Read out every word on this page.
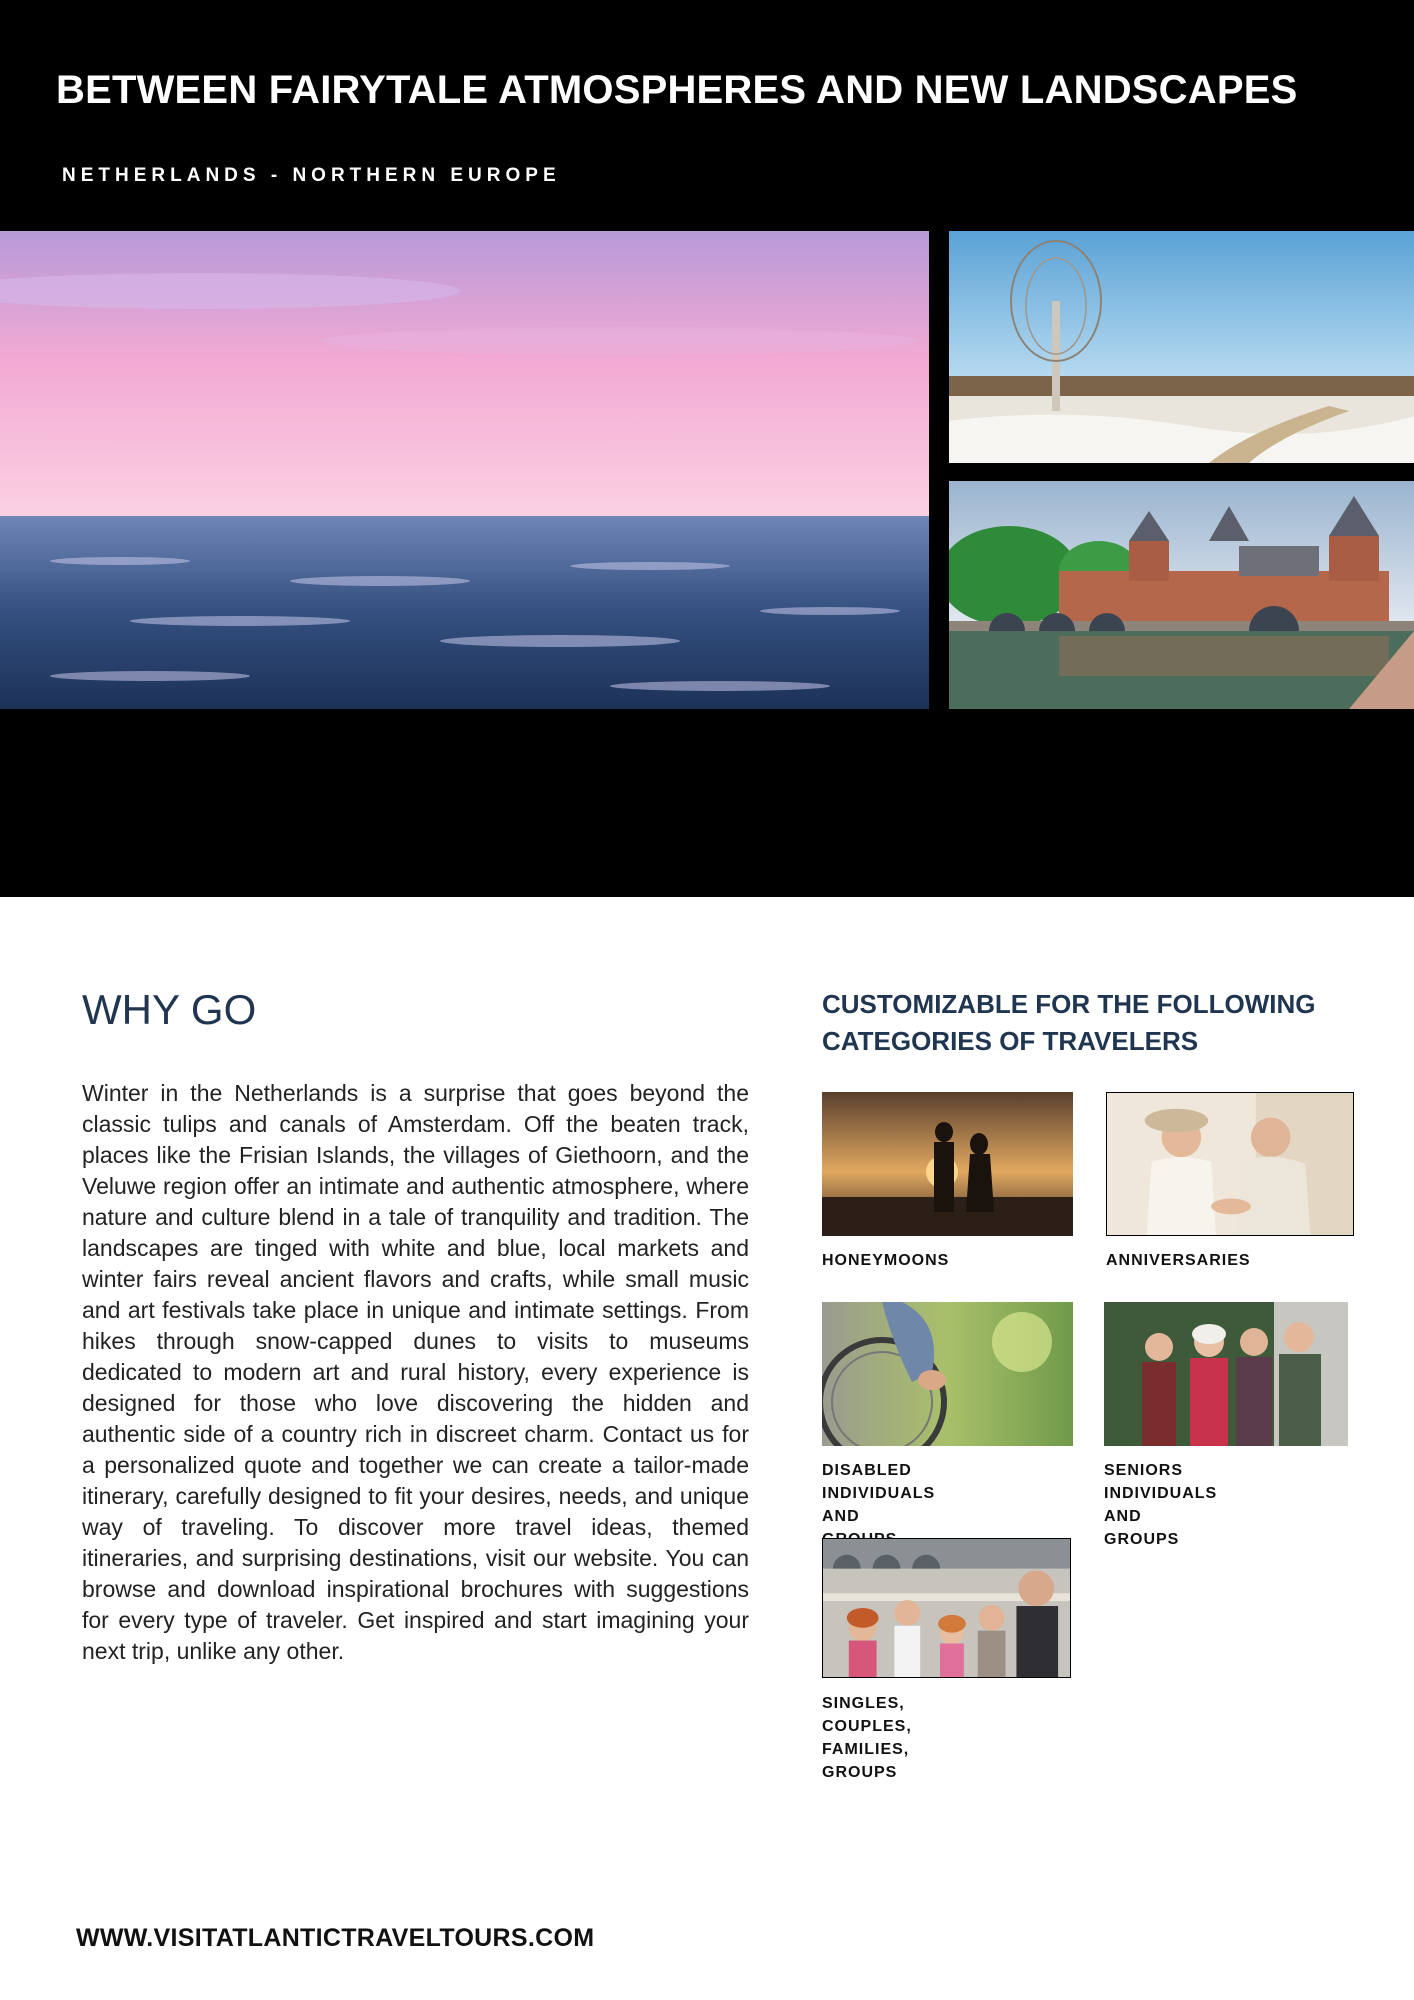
BETWEEN FAIRYTALE ATMOSPHERES AND NEW LANDSCAPES

NETHERLANDS - NORTHERN EUROPE

WHY GO

Winter in the Netherlands is a surprise that goes beyond the classic tulips and canals of Amsterdam. Off the beaten track, places like the Frisian Islands, the villages of Giethoorn, and the Veluwe region offer an intimate and authentic atmosphere, where nature and culture blend in a tale of tranquility and tradition. The landscapes are tinged with white and blue, local markets and winter fairs reveal ancient flavors and crafts, while small music and art festivals take place in unique and intimate settings. From hikes through snow-capped dunes to visits to museums dedicated to modern art and rural history, every experience is designed for those who love discovering the hidden and authentic side of a country rich in discreet charm. Contact us for a personalized quote and together we can create a tailor-made itinerary, carefully designed to fit your desires, needs, and unique way of traveling. To discover more travel ideas, themed itineraries, and surprising destinations, visit our website. You can browse and download inspirational brochures with suggestions for every type of traveler. Get inspired and start imagining your next trip, unlike any other.

CUSTOMIZABLE FOR THE FOLLOWING CATEGORIES OF TRAVELERS

HONEYMOONS	ANNIVERSARIES

DISABLED
INDIVIDUALS AND

SENIORS
INDIVIDUALS AND GROUPS

SINGLES, COUPLES,
FAMILIES, GROUPS

WWW.VISITATLANTICTRAVELTOURS.COM
